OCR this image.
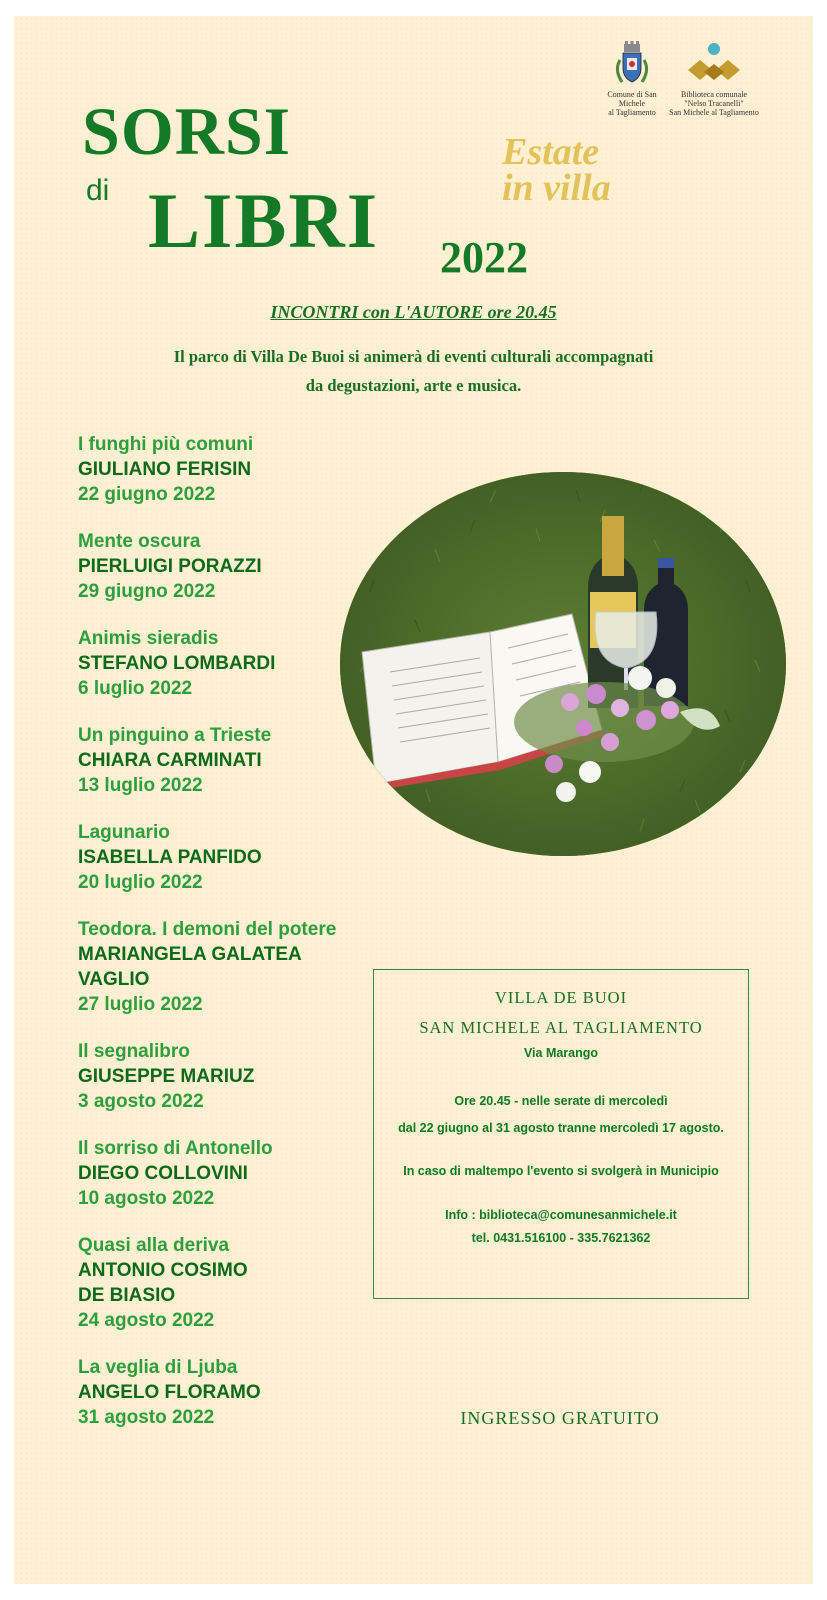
Comune di San
Michele
al Tagliamento
Biblioteca comunale
"Nelso Tracanelli"
San Michele al Tagliamento
SORSI
di LIBRI 2022
Estate
in villa
INCONTRI con L'AUTORE ore 20.45
Il parco di Villa De Buoi si animerà di eventi culturali accompagnati
da degustazioni, arte e musica.
I funghi più comuni
GIULIANO FERISIN
22 giugno 2022
Mente oscura
PIERLUIGI PORAZZI
29 giugno 2022
Animis sieradis
STEFANO LOMBARDI
6 luglio 2022
Un pinguino a Trieste
CHIARA CARMINATI
13 luglio 2022
Lagunario
ISABELLA PANFIDO
20 luglio 2022
Teodora. I demoni del potere
MARIANGELA GALATEA
VAGLIO
27 luglio 2022
Il segnalibro
GIUSEPPE MARIUZ
3 agosto 2022
Il sorriso di Antonello
DIEGO COLLOVINI
10 agosto 2022
Quasi alla deriva
ANTONIO COSIMO
DE BIASIO
24 agosto 2022
La veglia di Ljuba
ANGELO FLORAMO
31 agosto 2022
VILLA DE BUOI
SAN MICHELE AL TAGLIAMENTO
Via Marango
Ore 20.45 - nelle serate di mercoledì
dal 22 giugno al 31 agosto tranne mercoledì 17 agosto.
In caso di maltempo l'evento si svolgerà in Municipio
Info : biblioteca@comunesanmichele.it
tel. 0431.516100 - 335.7621362
INGRESSO GRATUITO
